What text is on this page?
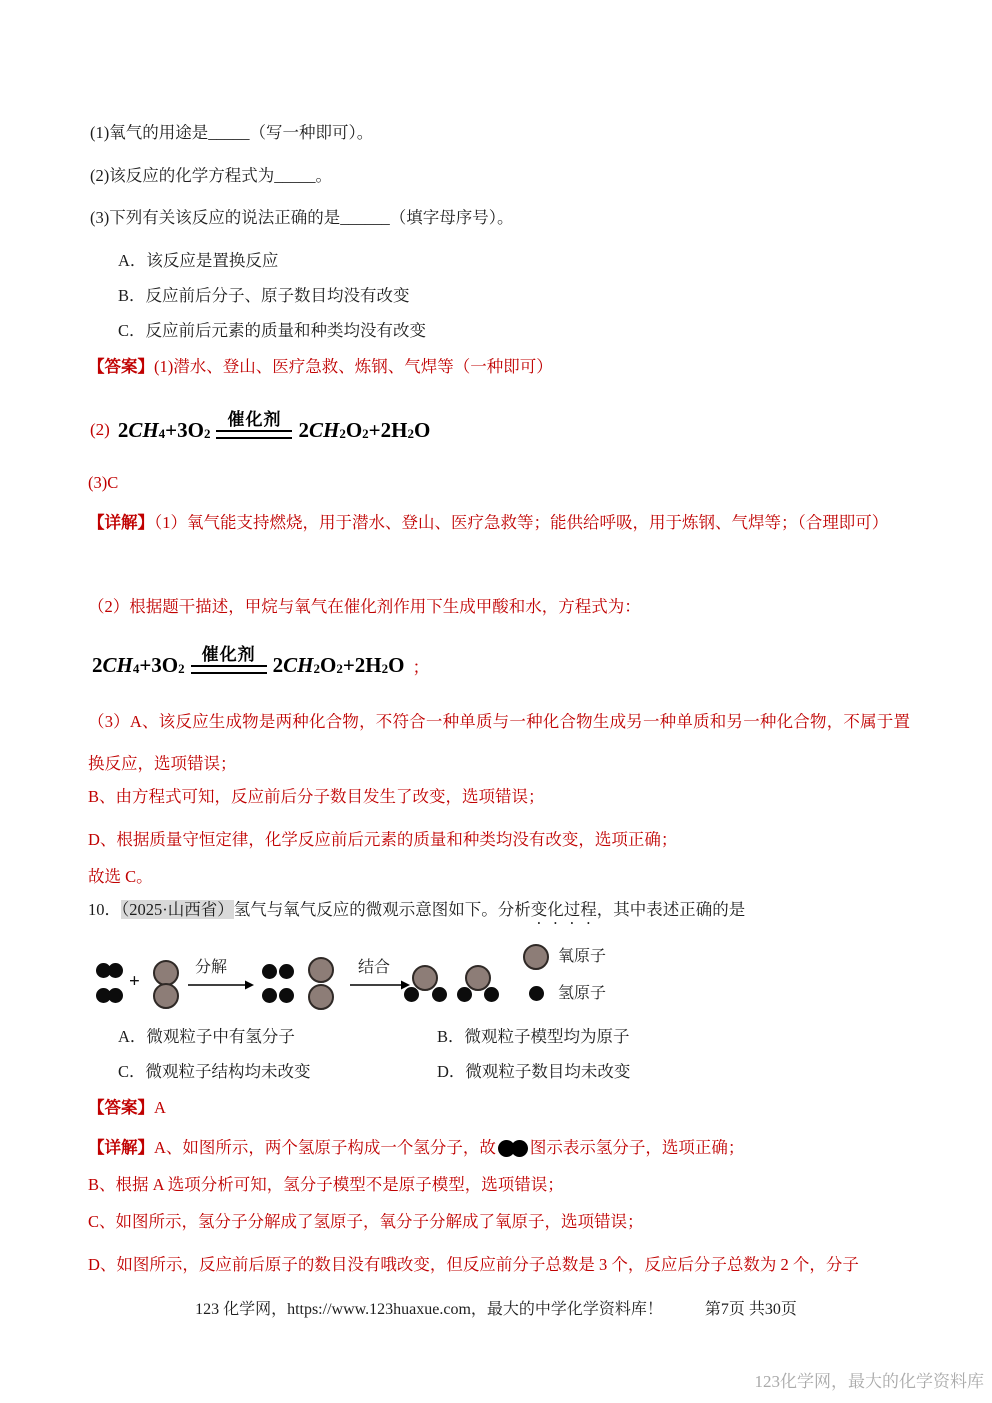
(1)氧气的用途是_____（写一种即可）。
(2)该反应的化学方程式为_____。
(3)下列有关该反应的说法正确的是______（填字母序号）。
A．该反应是置换反应
B．反应前后分子、原子数目均没有改变
C．反应前后元素的质量和种类均没有改变
【答案】(1)潜水、登山、医疗急救、炼钢、气焊等（一种即可）
(2) 2 $CH_4 +3O_2$
催化剂 2 $CH_2$ $O_2 +2H_2$ O
(3)C
【详解】（1）氧气能支持燃烧，用于潜水、登山、医疗急救等；能供给呼吸，用于炼钢、气焊等；（合理即可）
（2）根据题干描述，甲烷与氧气在催化剂作用下生成甲酸和水，方程式为：
2 $CH_4 +3O_2$
催化剂 2 $CH_2$ $O_2 +2H_2$ O ；
（3）A、该反应生成物是两种化合物，不符合一种单质与一种化合物生成另一种单质和另一种化合物，不属于置换反应，选项错误；
B、由方程式可知，反应前后分子数目发生了改变，选项错误；
D、根据质量守恒定律，化学反应前后元素的质量和种类均没有改变，选项正确；
故选 C。
10．（2025·山西省）氢气与氧气反应的微观示意图如下。分析变化过程，其中表述正确的是
+
分解	结合
氧原子
氢原子
A．微观粒子中有氢分子	B．微观粒子模型均为原子
C．微观粒子结构均未改变	D．微观粒子数目均未改变
【答案】A
【详解】A、如图所示，两个氢原子构成一个氢分子，故 图示表示氢分子，选项正确；
B、根据 A 选项分析可知，氢分子模型不是原子模型，选项错误；
C、如图所示，氢分子分解成了氢原子，氧分子分解成了氧原子，选项错误；
D、如图所示，反应前后原子的数目没有哦改变，但反应前分子总数是 3 个，反应后分子总数为 2 个，分子
123 化学网，https://www.123huaxue.com，最大的中学化学资料库！	第7页 共30页
123化学网，最大的化学资料库
